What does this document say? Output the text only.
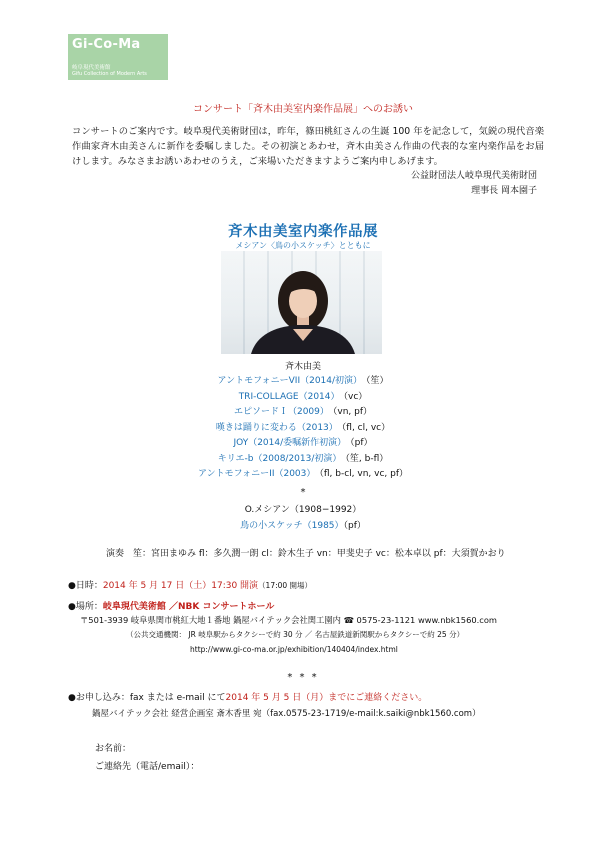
Gi-Co-Ma
岐阜現代美術館
Gifu Collection of Modern Arts
コンサート「斉木由美室内楽作品展」へのお誘い
コンサートのご案内です。岐阜現代美術財団は，昨年，篠田桃紅さんの生誕 100 年を記念して，気鋭の現代音楽作曲家斉木由美さんに新作を委嘱しました。その初演とあわせ，斉木由美さん作曲の代表的な室内楽作品をお届けします。みなさまお誘いあわせのうえ，ご来場いただきますようご案内申しあげます。
公益財団法人岐阜現代美術財団
理事長 岡本園子
斉木由美室内楽作品展
メシアン〈鳥の小スケッチ〉とともに
斉木由美
アントモフォニーVII（2014/初演） （笙）
TRI-COLLAGE（2014） （vc）
エピソードＩ（2009） （vn, pf）
嘆きは踊りに変わる（2013） （fl, cl, vc）
JOY（2014/委嘱新作初演） （pf）
キリエ-b（2008/2013/初演） （笙, b-fl）
アントモフォニーII（2003） （fl, b-cl, vn, vc, pf）
*
O.メシアン（1908−1992）
鳥の小スケッチ（1985）（pf）
演奏　笙：宮田まゆみ fl：多久潤一朗 cl：鈴木生子 vn：甲斐史子 vc：松本卓以 pf：大須賀かおり
●日時：2014 年 5 月 17 日（土）17:30 開演（17:00 開場）
●場所：岐阜現代美術館 ／NBK コンサートホール
〒501-3939 岐阜県関市桃紅大地１番地 鍋屋バイテック会社関工園内 ☎ 0575-23-1121 www.nbk1560.com
（公共交通機関： JR 岐阜駅からタクシーで約 30 分 ／ 名古屋鉄道新関駅からタクシーで約 25 分）
http://www.gi-co-ma.or.jp/exhibition/140404/index.html
* * *
●お申し込み：fax または e-mail にて2014 年 5 月 5 日（月）までにご連絡ください。
鍋屋バイテック会社 経営企画室 斎木香里 宛（fax.0575-23-1719/e-mail:k.saiki@nbk1560.com）
お名前：
ご連絡先（電話/email）：
